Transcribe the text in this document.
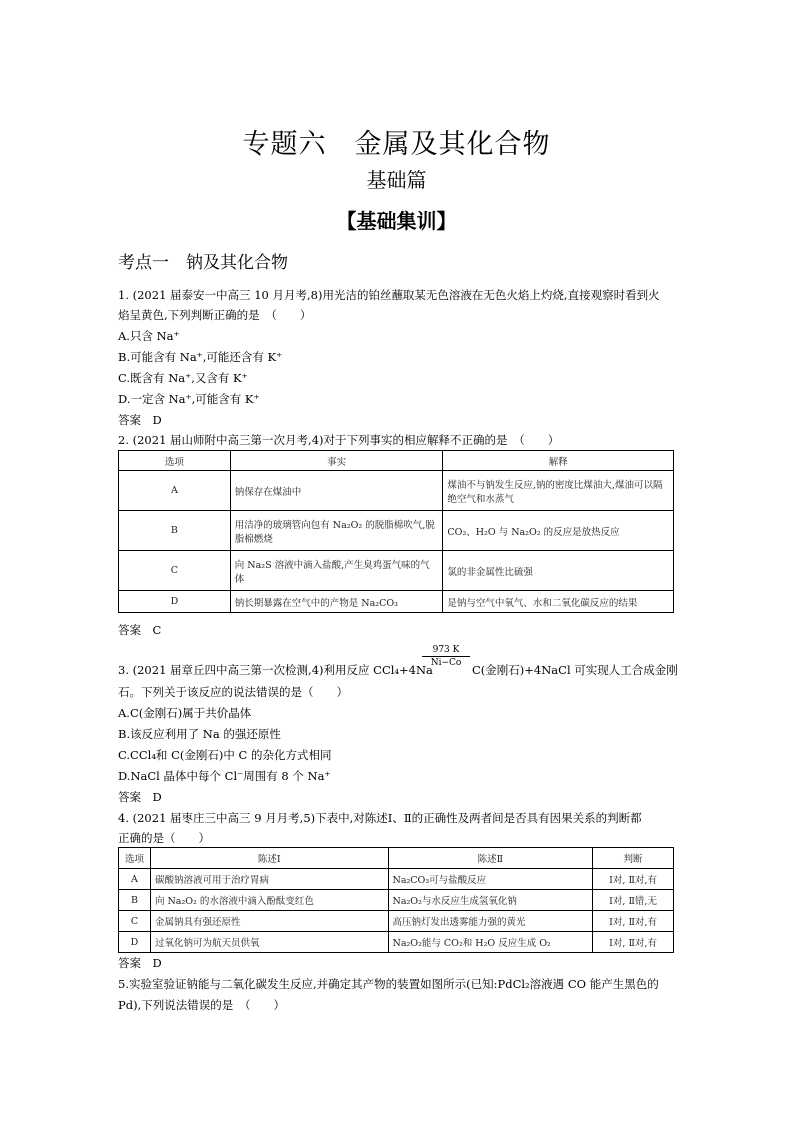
专题六　金属及其化合物
基础篇
【基础集训】
考点一　钠及其化合物
1. (2021 届泰安一中高三 10 月月考,8)用光洁的铂丝蘸取某无色溶液在无色火焰上灼烧,直接观察时看到火
焰呈黄色,下列判断正确的是　（　　）
A.只含 Na⁺
B.可能含有 Na⁺,可能还含有 K⁺
C.既含有 Na⁺,又含有 K⁺
D.一定含 Na⁺,可能含有 K⁺
答案　D
2. (2021 届山师附中高三第一次月考,4)对于下列事实的相应解释不正确的是　（　　）
选项	事实	解释
A	钠保存在煤油中	煤油不与钠发生反应,钠的密度比煤油大,煤油可以隔绝空气和水蒸气
B	用洁净的玻璃管向包有 Na₂O₂ 的脱脂棉吹气,脱脂棉燃烧	CO₂、H₂O 与 Na₂O₂ 的反应是放热反应
C	向 Na₂S 溶液中滴入盐酸,产生臭鸡蛋气味的气体	氯的非金属性比硫强
D	钠长期暴露在空气中的产物是 Na₂CO₃	是钠与空气中氧气、水和二氧化碳反应的结果
答案　C
3. (2021 届章丘四中高三第一次检测,4)利用反应 CCl₄+4Na
973 K
Ni−Co C(金刚石)+4NaCl 可实现人工合成金刚
石。下列关于该反应的说法错误的是（　　）
A.C(金刚石)属于共价晶体
B.该反应利用了 Na 的强还原性
C.CCl₄和 C(金刚石)中 C 的杂化方式相同
D.NaCl 晶体中每个 Cl⁻周围有 8 个 Na⁺
答案　D
4. (2021 届枣庄三中高三 9 月月考,5)下表中,对陈述Ⅰ、Ⅱ的正确性及两者间是否具有因果关系的判断都
正确的是（　　）
选项	陈述Ⅰ	陈述Ⅱ	判断
A	碳酸钠溶液可用于治疗胃病	Na₂CO₃可与盐酸反应	Ⅰ对, Ⅱ对,有
B	向 Na₂O₂ 的水溶液中滴入酚酞变红色	Na₂O₂与水反应生成氢氧化钠	Ⅰ对, Ⅱ错,无
C	金属钠具有强还原性	高压钠灯发出透雾能力强的黄光	Ⅰ对, Ⅱ对,有
D	过氧化钠可为航天员供氧	Na₂O₂能与 CO₂和 H₂O 反应生成 O₂	Ⅰ对, Ⅱ对,有
答案　D
5.实验室验证钠能与二氧化碳发生反应,并确定其产物的装置如图所示(已知:PdCl₂溶液遇 CO 能产生黑色的
Pd),下列说法错误的是　（　　）
